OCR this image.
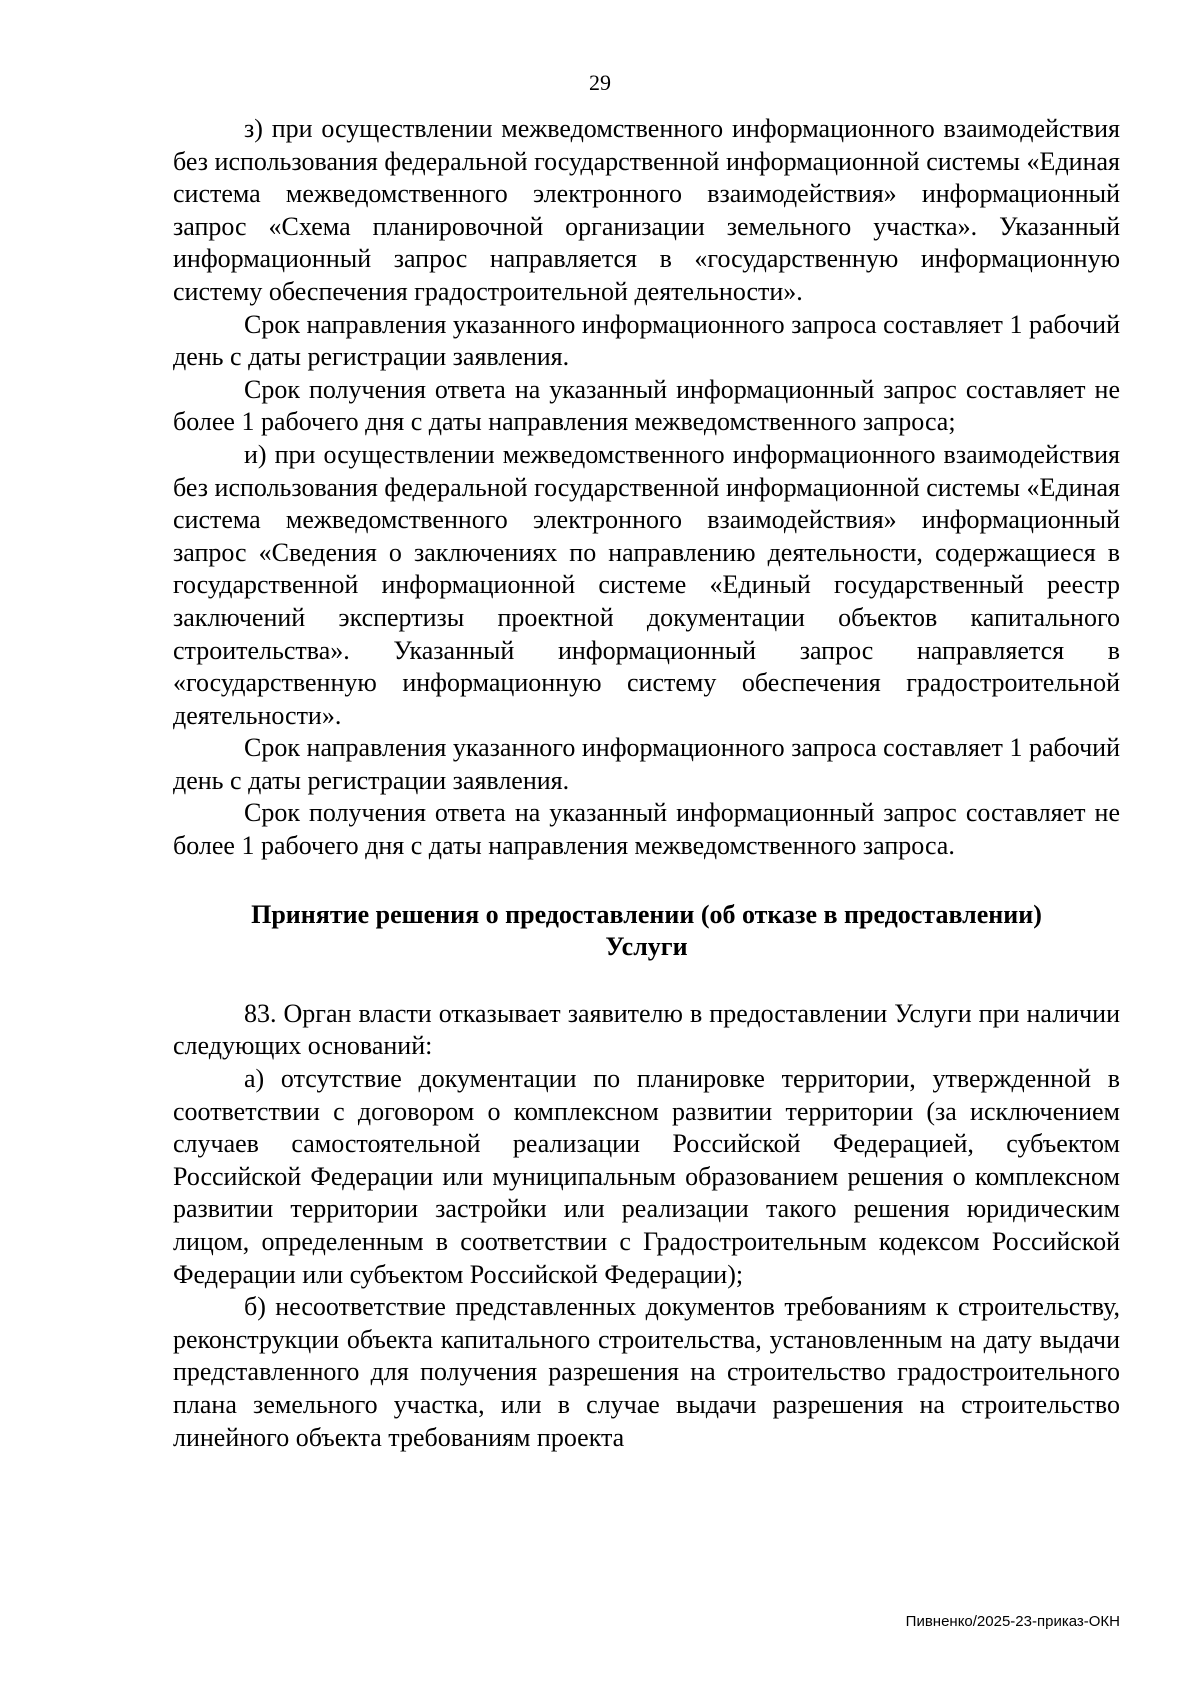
29

з) при осуществлении межведомственного информационного взаимодействия без использования федеральной государственной информационной системы «Единая система межведомственного электронного взаимодействия» информационный запрос «Схема планировочной организации земельного участка». Указанный информационный запрос направляется в «государственную информационную систему обеспечения градостроительной деятельности».

Срок направления указанного информационного запроса составляет 1 рабочий день с даты регистрации заявления.

Срок получения ответа на указанный информационный запрос составляет не более 1 рабочего дня с даты направления межведомственного запроса;

и) при осуществлении межведомственного информационного взаимодействия без использования федеральной государственной информационной системы «Единая система межведомственного электронного взаимодействия» информационный запрос «Сведения о заключениях по направлению деятельности, содержащиеся в государственной информационной системе «Единый государственный реестр заключений экспертизы проектной документации объектов капитального строительства». Указанный информационный запрос направляется в «государственную информационную систему обеспечения градостроительной деятельности».

Срок направления указанного информационного запроса составляет 1 рабочий день с даты регистрации заявления.

Срок получения ответа на указанный информационный запрос составляет не более 1 рабочего дня с даты направления межведомственного запроса.

Принятие решения о предоставлении (об отказе в предоставлении)
Услуги

83. Орган власти отказывает заявителю в предоставлении Услуги при наличии следующих оснований:

а) отсутствие документации по планировке территории, утвержденной в соответствии с договором о комплексном развитии территории (за исключением случаев самостоятельной реализации Российской Федерацией, субъектом Российской Федерации или муниципальным образованием решения о комплексном развитии территории застройки или реализации такого решения юридическим лицом, определенным в соответствии с Градостроительным кодексом Российской Федерации или субъектом Российской Федерации);

б) несоответствие представленных документов требованиям к строительству, реконструкции объекта капитального строительства, установленным на дату выдачи представленного для получения разрешения на строительство градостроительного плана земельного участка, или в случае выдачи разрешения на строительство линейного объекта требованиям проекта

Пивненко/2025-23-приказ-ОКН
